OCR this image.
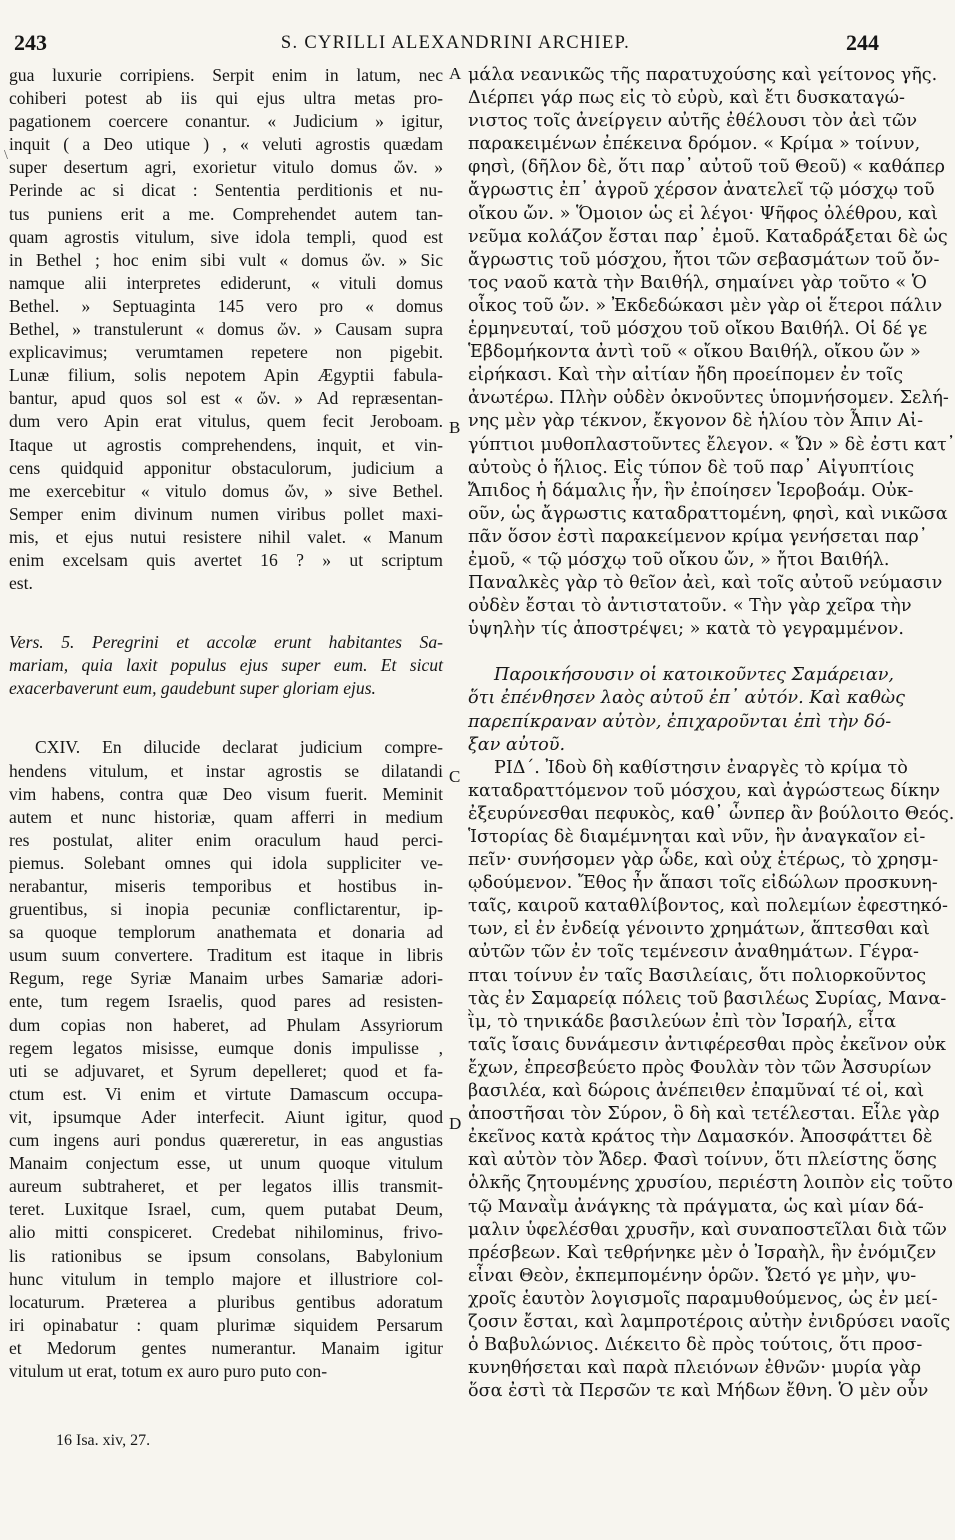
243	S. CYRILLI ALEXANDRINI ARCHIEP.	244
\
A
B
C
D
gua luxurie corripiens. Serpit enim in latum, nec
cohiberi potest ab iis qui ejus ultra metas pro-
pagationem coercere conantur. « Judicium » igitur,
inquit ( a Deo utique ) , « veluti agrostis quædam
super desertum agri, exorietur vitulo domus ὤν. »
Perinde ac si dicat : Sententia perditionis et nu-
tus puniens erit a me. Comprehendet autem tan-
quam agrostis vitulum, sive idola templi, quod est
in Bethel ; hoc enim sibi vult « domus ὤν. » Sic
namque alii interpretes ediderunt, « vituli domus
Bethel. » Septuaginta 145 vero pro « domus
Bethel, » transtulerunt « domus ὤν. » Causam supra
explicavimus; verumtamen repetere non pigebit.
Lunæ filium, solis nepotem Apin Ægyptii fabula-
bantur, apud quos sol est « ὤν. » Ad repræsentan-
dum vero Apin erat vitulus, quem fecit Jeroboam.
Itaque ut agrostis comprehendens, inquit, et vin-
cens quidquid apponitur obstaculorum, judicium a
me exercebitur « vitulo domus ὤν, » sive Bethel.
Semper enim divinum numen viribus pollet maxi-
mis, et ejus nutui resistere nihil valet. « Manum
enim excelsam quis avertet 16 ? » ut scriptum
est.
Vers. 5. Peregrini et accolæ erunt habitantes Sa-
mariam, quia laxit populus ejus super eum. Et sicut
exacerbaverunt eum, gaudebunt super gloriam ejus.
CXIV. En dilucide declarat judicium compre-
hendens vitulum, et instar agrostis se dilatandi
vim habens, contra quæ Deo visum fuerit. Meminit
autem et nunc historiæ, quam afferri in medium
res postulat, aliter enim oraculum haud perci-
piemus. Solebant omnes qui idola suppliciter ve-
nerabantur, miseris temporibus et hostibus in-
gruentibus, si inopia pecuniæ conflictarentur, ip-
sa quoque templorum anathemata et donaria ad
usum suum convertere. Traditum est itaque in libris
Regum, rege Syriæ Manaim urbes Samariæ adori-
ente, tum regem Israelis, quod pares ad resisten-
dum copias non haberet, ad Phulam Assyriorum
regem legatos misisse, eumque donis impulisse ,
uti se adjuvaret, et Syrum depelleret; quod et fa-
ctum est. Vi enim et virtute Damascum occupa-
vit, ipsumque Ader interfecit. Aiunt igitur, quod
cum ingens auri pondus quæreretur, in eas angustias
Manaim conjectum esse, ut unum quoque vitulum
aureum subtraheret, et per legatos illis transmit-
teret. Luxitque Israel, cum, quem putabat Deum,
alio mitti conspiceret. Credebat nihilominus, frivo-
lis rationibus se ipsum consolans, Babylonium
hunc vitulum in templo majore et illustriore col-
locaturum. Præterea a pluribus gentibus adoratum
iri opinabatur : quam plurimæ siquidem Persarum
et Medorum gentes numerantur. Manaim igitur
vitulum ut erat, totum ex auro puro puto con-
μάλα νεανικῶς τῆς παρατυχούσης καὶ γείτονος γῆς.
Διέρπει γάρ πως εἰς τὸ εὐρὺ, καὶ ἔτι δυσκαταγώ-
νιστος τοῖς ἀνείργειν αὐτῆς ἐθέλουσι τὸν ἀεὶ τῶν
παρακειμένων ἐπέκεινα δρόμον. « Κρίμα » τοίνυν,
φησὶ, (δῆλον δὲ, ὅτι παρ᾽ αὐτοῦ τοῦ Θεοῦ) « καθάπερ
ἄγρωστις ἐπ᾽ ἀγροῦ χέρσον ἀνατελεῖ τῷ μόσχῳ τοῦ
οἴκου ὤν. » Ὅμοιον ὡς εἰ λέγοι· Ψῆφος ὀλέθρου, καὶ
νεῦμα κολάζον ἔσται παρ᾽ ἐμοῦ. Καταδράξεται δὲ ὡς
ἄγρωστις τοῦ μόσχου, ἤτοι τῶν σεβασμάτων τοῦ ὄν-
τος ναοῦ κατὰ τὴν Βαιθήλ, σημαίνει γὰρ τοῦτο « Ὁ
οἶκος τοῦ ὤν. » Ἐκδεδώκασι μὲν γὰρ οἱ ἕτεροι πάλιν
ἑρμηνευταί, τοῦ μόσχου τοῦ οἴκου Βαιθήλ. Οἱ δέ γε
Ἑβδομήκοντα ἀντὶ τοῦ « οἴκου Βαιθήλ, οἴκου ὤν »
εἰρήκασι. Καὶ τὴν αἰτίαν ἤδη προείπομεν ἐν τοῖς
ἀνωτέρω. Πλὴν οὐδὲν ὀκνοῦντες ὑπομνήσομεν. Σελή-
νης μὲν γὰρ τέκνον, ἔκγονον δὲ ἡλίου τὸν Ἆπιν Αἰ-
γύπτιοι μυθοπλαστοῦντες ἔλεγον. « Ὤν » δὲ ἐστι κατ᾽
αὐτοὺς ὁ ἥλιος. Εἰς τύπον δὲ τοῦ παρ᾽ Αἰγυπτίοις
Ἄπιδος ἡ δάμαλις ἦν, ἣν ἐποίησεν Ἱεροβοάμ. Οὐκ-
οῦν, ὡς ἄγρωστις καταδραττομένη, φησὶ, καὶ νικῶσα
πᾶν ὅσον ἐστὶ παρακείμενον κρίμα γενήσεται παρ᾽
ἐμοῦ, « τῷ μόσχῳ τοῦ οἴκου ὤν, » ἤτοι Βαιθήλ.
Παναλκὲς γὰρ τὸ θεῖον ἀεὶ, καὶ τοῖς αὐτοῦ νεύμασιν
οὐδὲν ἔσται τὸ ἀντιστατοῦν. « Τὴν γὰρ χεῖρα τὴν
ὑψηλὴν τίς ἀποστρέψει; » κατὰ τὸ γεγραμμένον.
Παροικήσουσιν οἱ κατοικοῦντες Σαμάρειαν,
ὅτι ἐπένθησεν λαὸς αὐτοῦ ἐπ᾽ αὐτόν. Καὶ καθὼς
παρεπίκραναν αὐτὸν, ἐπιχαροῦνται ἐπὶ τὴν δό-
ξαν αὐτοῦ.
ΡΙΔ΄. Ἰδοὺ δὴ καθίστησιν ἐναργὲς τὸ κρίμα τὸ
καταδραττόμενον τοῦ μόσχου, καὶ ἀγρώστεως δίκην
ἐξευρύνεσθαι πεφυκὸς, καθ᾽ ὧνπερ ἂν βούλοιτο Θεός.
Ἱστορίας δὲ διαμέμνηται καὶ νῦν, ἣν ἀναγκαῖον εἰ-
πεῖν· συνήσομεν γὰρ ὧδε, καὶ οὐχ ἑτέρως, τὸ χρησμ-
ῳδούμενον. Ἔθος ἦν ἅπασι τοῖς εἰδώλων προσκυνη-
ταῖς, καιροῦ καταθλίβοντος, καὶ πολεμίων ἐφεστηκό-
των, εἰ ἐν ἐνδείᾳ γένοιντο χρημάτων, ἅπτεσθαι καὶ
αὐτῶν τῶν ἐν τοῖς τεμένεσιν ἀναθημάτων. Γέγρα-
πται τοίνυν ἐν ταῖς Βασιλείαις, ὅτι πολιορκοῦντος
τὰς ἐν Σαμαρείᾳ πόλεις τοῦ βασιλέως Συρίας, Μανα-
ῒμ, τὸ τηνικάδε βασιλεύων ἐπὶ τὸν Ἰσραήλ, εἶτα
ταῖς ἴσαις δυνάμεσιν ἀντιφέρεσθαι πρὸς ἐκεῖνον οὐκ
ἔχων, ἐπρεσβεύετο πρὸς Φουλὰν τὸν τῶν Ἀσσυρίων
βασιλέα, καὶ δώροις ἀνέπειθεν ἐπαμῦναί τέ οἱ, καὶ
ἀποστῆσαι τὸν Σύρον, ὃ δὴ καὶ τετέλεσται. Εἷλε γὰρ
ἐκεῖνος κατὰ κράτος τὴν Δαμασκόν. Ἀποσφάττει δὲ
καὶ αὐτὸν τὸν Ἄδερ. Φασὶ τοίνυν, ὅτι πλείστης ὅσης
ὁλκῆς ζητουμένης χρυσίου, περιέστη λοιπὸν εἰς τοῦτο
τῷ Μαναῒμ ἀνάγκης τὰ πράγματα, ὡς καὶ μίαν δά-
μαλιν ὑφελέσθαι χρυσῆν, καὶ συναποστεῖλαι διὰ τῶν
πρέσβεων. Καὶ τεθρήνηκε μὲν ὁ Ἰσραὴλ, ἣν ἐνόμιζεν
εἶναι Θεὸν, ἐκπεμπομένην ὁρῶν. Ὤετό γε μὴν, ψυ-
χροῖς ἑαυτὸν λογισμοῖς παραμυθούμενος, ὡς ἐν μεί-
ζοσιν ἔσται, καὶ λαμπροτέροις αὐτὴν ἐνιδρύσει ναοῖς
ὁ Βαβυλώνιος. Διέκειτο δὲ πρὸς τούτοις, ὅτι προσ-
κυνηθήσεται καὶ παρὰ πλειόνων ἐθνῶν· μυρία γὰρ
ὅσα ἐστὶ τὰ Περσῶν τε καὶ Μήδων ἔθνη. Ὁ μὲν οὖν
16 Isa. xiv, 27.
